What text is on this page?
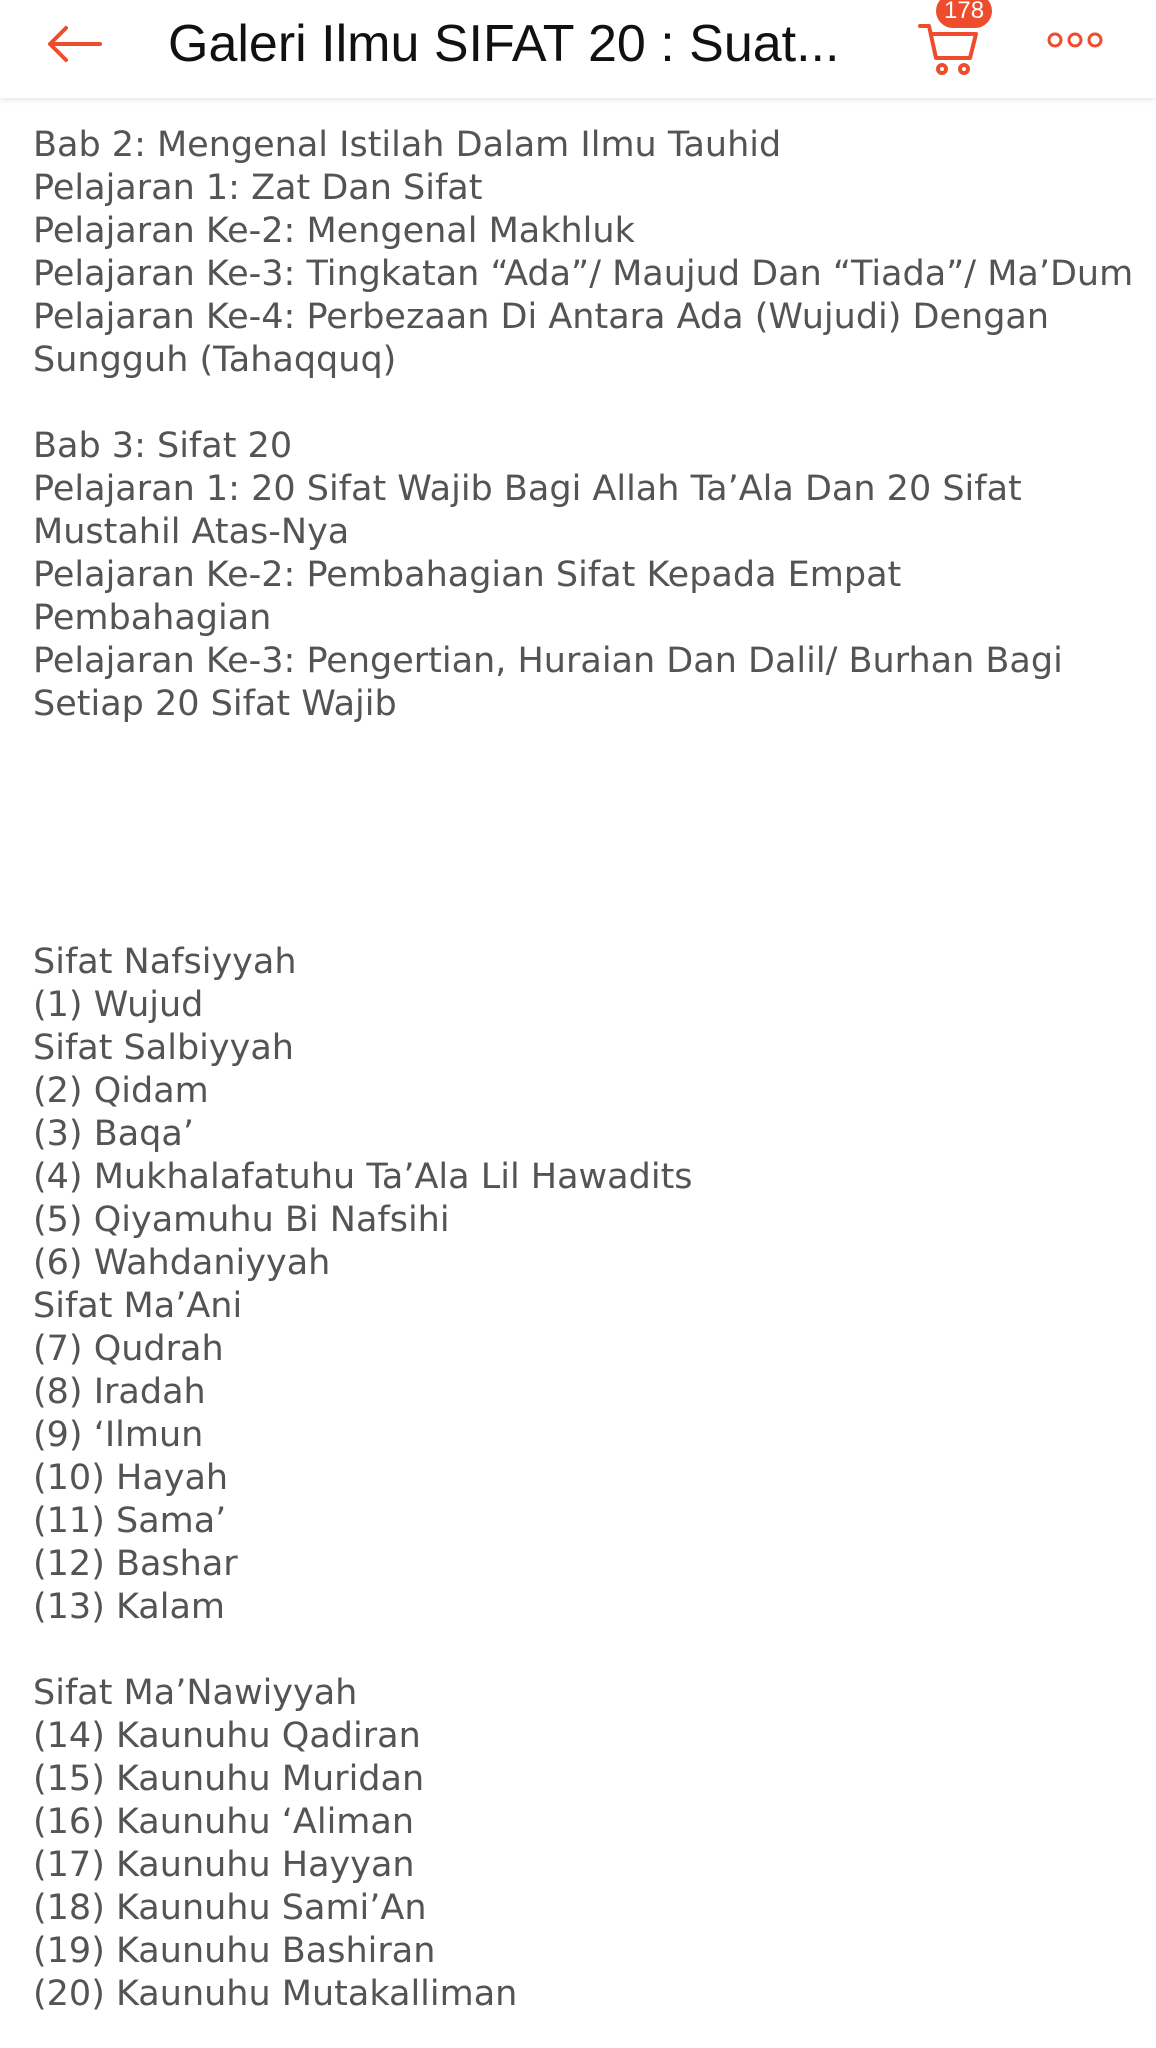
Galeri Ilmu SIFAT 20 : Suat...
178
Bab 2: Mengenal Istilah Dalam Ilmu Tauhid
Pelajaran 1: Zat Dan Sifat
Pelajaran Ke-2: Mengenal Makhluk
Pelajaran Ke-3: Tingkatan “Ada”/ Maujud Dan “Tiada”/ Ma’Dum
Pelajaran Ke-4: Perbezaan Di Antara Ada (Wujudi) Dengan
Sungguh (Tahaqquq)
Bab 3: Sifat 20
Pelajaran 1: 20 Sifat Wajib Bagi Allah Ta’Ala Dan 20 Sifat
Mustahil Atas-Nya
Pelajaran Ke-2: Pembahagian Sifat Kepada Empat
Pembahagian
Pelajaran Ke-3: Pengertian, Huraian Dan Dalil/ Burhan Bagi
Setiap 20 Sifat Wajib
Sifat Nafsiyyah
(1) Wujud
Sifat Salbiyyah
(2) Qidam
(3) Baqa’
(4) Mukhalafatuhu Ta’Ala Lil Hawadits
(5) Qiyamuhu Bi Nafsihi
(6) Wahdaniyyah
Sifat Ma’Ani
(7) Qudrah
(8) Iradah
(9) ‘Ilmun
(10) Hayah
(11) Sama’
(12) Bashar
(13) Kalam
Sifat Ma’Nawiyyah
(14) Kaunuhu Qadiran
(15) Kaunuhu Muridan
(16) Kaunuhu ‘Aliman
(17) Kaunuhu Hayyan
(18) Kaunuhu Sami’An
(19) Kaunuhu Bashiran
(20) Kaunuhu Mutakalliman
